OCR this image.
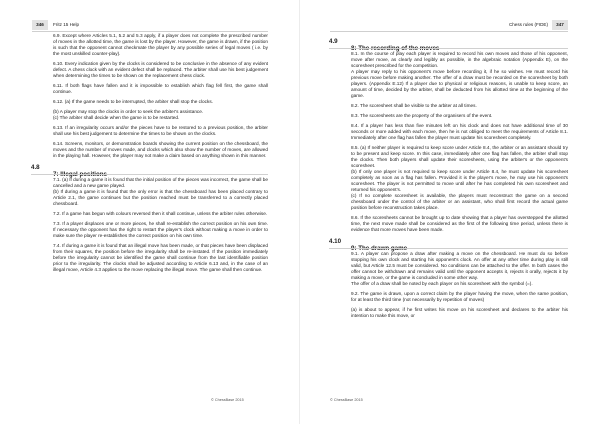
346	Fritz 15 Help

6.9. Except where Articles 5.1, 5.2 and 5.3 apply, if a player does not complete the prescribed number of moves in the allotted time, the game is lost by the player. However, the game is drawn, if the position is such that the opponent cannot checkmate the player by any possible series of legal moves ( i.e. by the most unskilled counter-play).

6.10. Every indication given by the clocks is considered to be conclusive in the absence of any evident defect. A chess clock with an evident defect shall be replaced. The arbiter shall use his best judgement when determining the times to be shown on the replacement chess clock.

6.11. If both flags have fallen and it is impossible to establish which flag fell first, the game shall continue.

6.12. (a) If the game needs to be interrupted, the arbiter shall stop the clocks.

(b) A player may stop the clocks in order to seek the arbiter's assistance.
(c) The arbiter shall decide when the game is to be restarted.

6.13. If an irregularity occurs and/or the pieces have to be restored to a previous position, the arbiter shall use his best judgement to determine the times to be shown on the clocks.

6.14. Screens, monitors, or demonstration boards showing the current position on the chessboard, the moves and the number of moves made, and clocks which also show the number of moves, are allowed in the playing hall. However, the player may not make a claim based on anything shown in this manner.

4.8

7.1. (a) If during a game it is found that the initial position of the pieces was incorrect, the game shall be cancelled and a new game played.
(b) If during a game it is found that the only error is that the chessboard has been placed contrary to Article 2.1, the game continues but the position reached must be transferred to a correctly placed chessboard.

7.2. If a game has begun with colours reversed then it shall continue, unless the arbiter rules otherwise.

7.3. If a player displaces one or more pieces, he shall re-establish the correct position on his own time. If necessary the opponent has the right to restart the player's clock without making a move in order to make sure the player re-establishes the correct position on his own time.

7.4. If during a game it is found that an illegal move has been made, or that pieces have been displaced from their squares, the position before the irregularity shall be re-instated. If the position immediately before the irregularity cannot be identified the game shall continue from the last identifiable position prior to the irregularity. The clocks shall be adjusted according to Article 6.13 and, in the case of an illegal move, Article 4.3 applies to the move replacing the illegal move. The game shall then continue.

© ChessBase 2015
Chess rules (FIDE)	347
4.9

8.1. In the course of play each player is required to record his own moves and those of his opponent, move after move, as clearly and legibly as possible, in the algebraic notation (Appendix E), on the scoresheet prescribed for the competition.
A player may reply to his opponent's move before recording it, if he so wishes. He must record his previous move before making another. The offer of a draw must be recorded on the scoresheet by both players. (Appendix E.12) If a player due to physical or religious reasons, is unable to keep score, an amount of time, decided by the arbiter, shall be deducted from his allotted time at the beginning of the game.

8.2. The scoresheet shall be visible to the arbiter at all times.

8.3. The scoresheets are the property of the organisers of the event.

8.4. If a player has less than five minutes left on his clock and does not have additional time of 30 seconds or more added with each move, then he is not obliged to meet the requirements of Article 8.1. Immediately after one flag has fallen the player must update his scoresheet completely.

8.5. (a) If neither player is required to keep score under Article 8.4, the arbiter or an assistant should try to be present and keep score. In this case, immediately after one flag has fallen, the arbiter shall stop the clocks. Then both players shall update their scoresheets, using the arbiter's or the opponent's scoresheet.
(b) If only one player is not required to keep score under Article 8.4, he must update his scoresheet completely as soon as a flag has fallen. Provided it is the player's move, he may use his opponent's scoresheet. The player is not permitted to move until after he has completed his own scoresheet and returned his opponent's.
(c) If no complete scoresheet is available, the players must reconstruct the game on a second chessboard under the control of the arbiter or an assistant, who shall first record the actual game position before reconstruction takes place.

8.6. If the scoresheets cannot be brought up to date showing that a player has overstepped the allotted time, the next move made shall be considered as the first of the following time period, unless there is evidence that more moves have been made.

4.10

9.1. A player can propose a draw after making a move on the chessboard. He must do so before stopping his own clock and starting his opponent's clock. An offer at any other time during play is still valid, but Article 12.5 must be considered. No conditions can be attached to the offer. In both cases the offer cannot be withdrawn and remains valid until the opponent accepts it, rejects it orally, rejects it by making a move, or the game is concluded in some other way.
The offer of a draw shall be noted by each player on his scoresheet with the symbol (=).

9.2. The game is drawn, upon a correct claim by the player having the move, when the same position, for at least the third time (not necessarily by repetition of moves)

(a) is about to appear, if he first writes his move on his scoresheet and declares to the arbiter his intention to make this move, or

© ChessBase 2015
